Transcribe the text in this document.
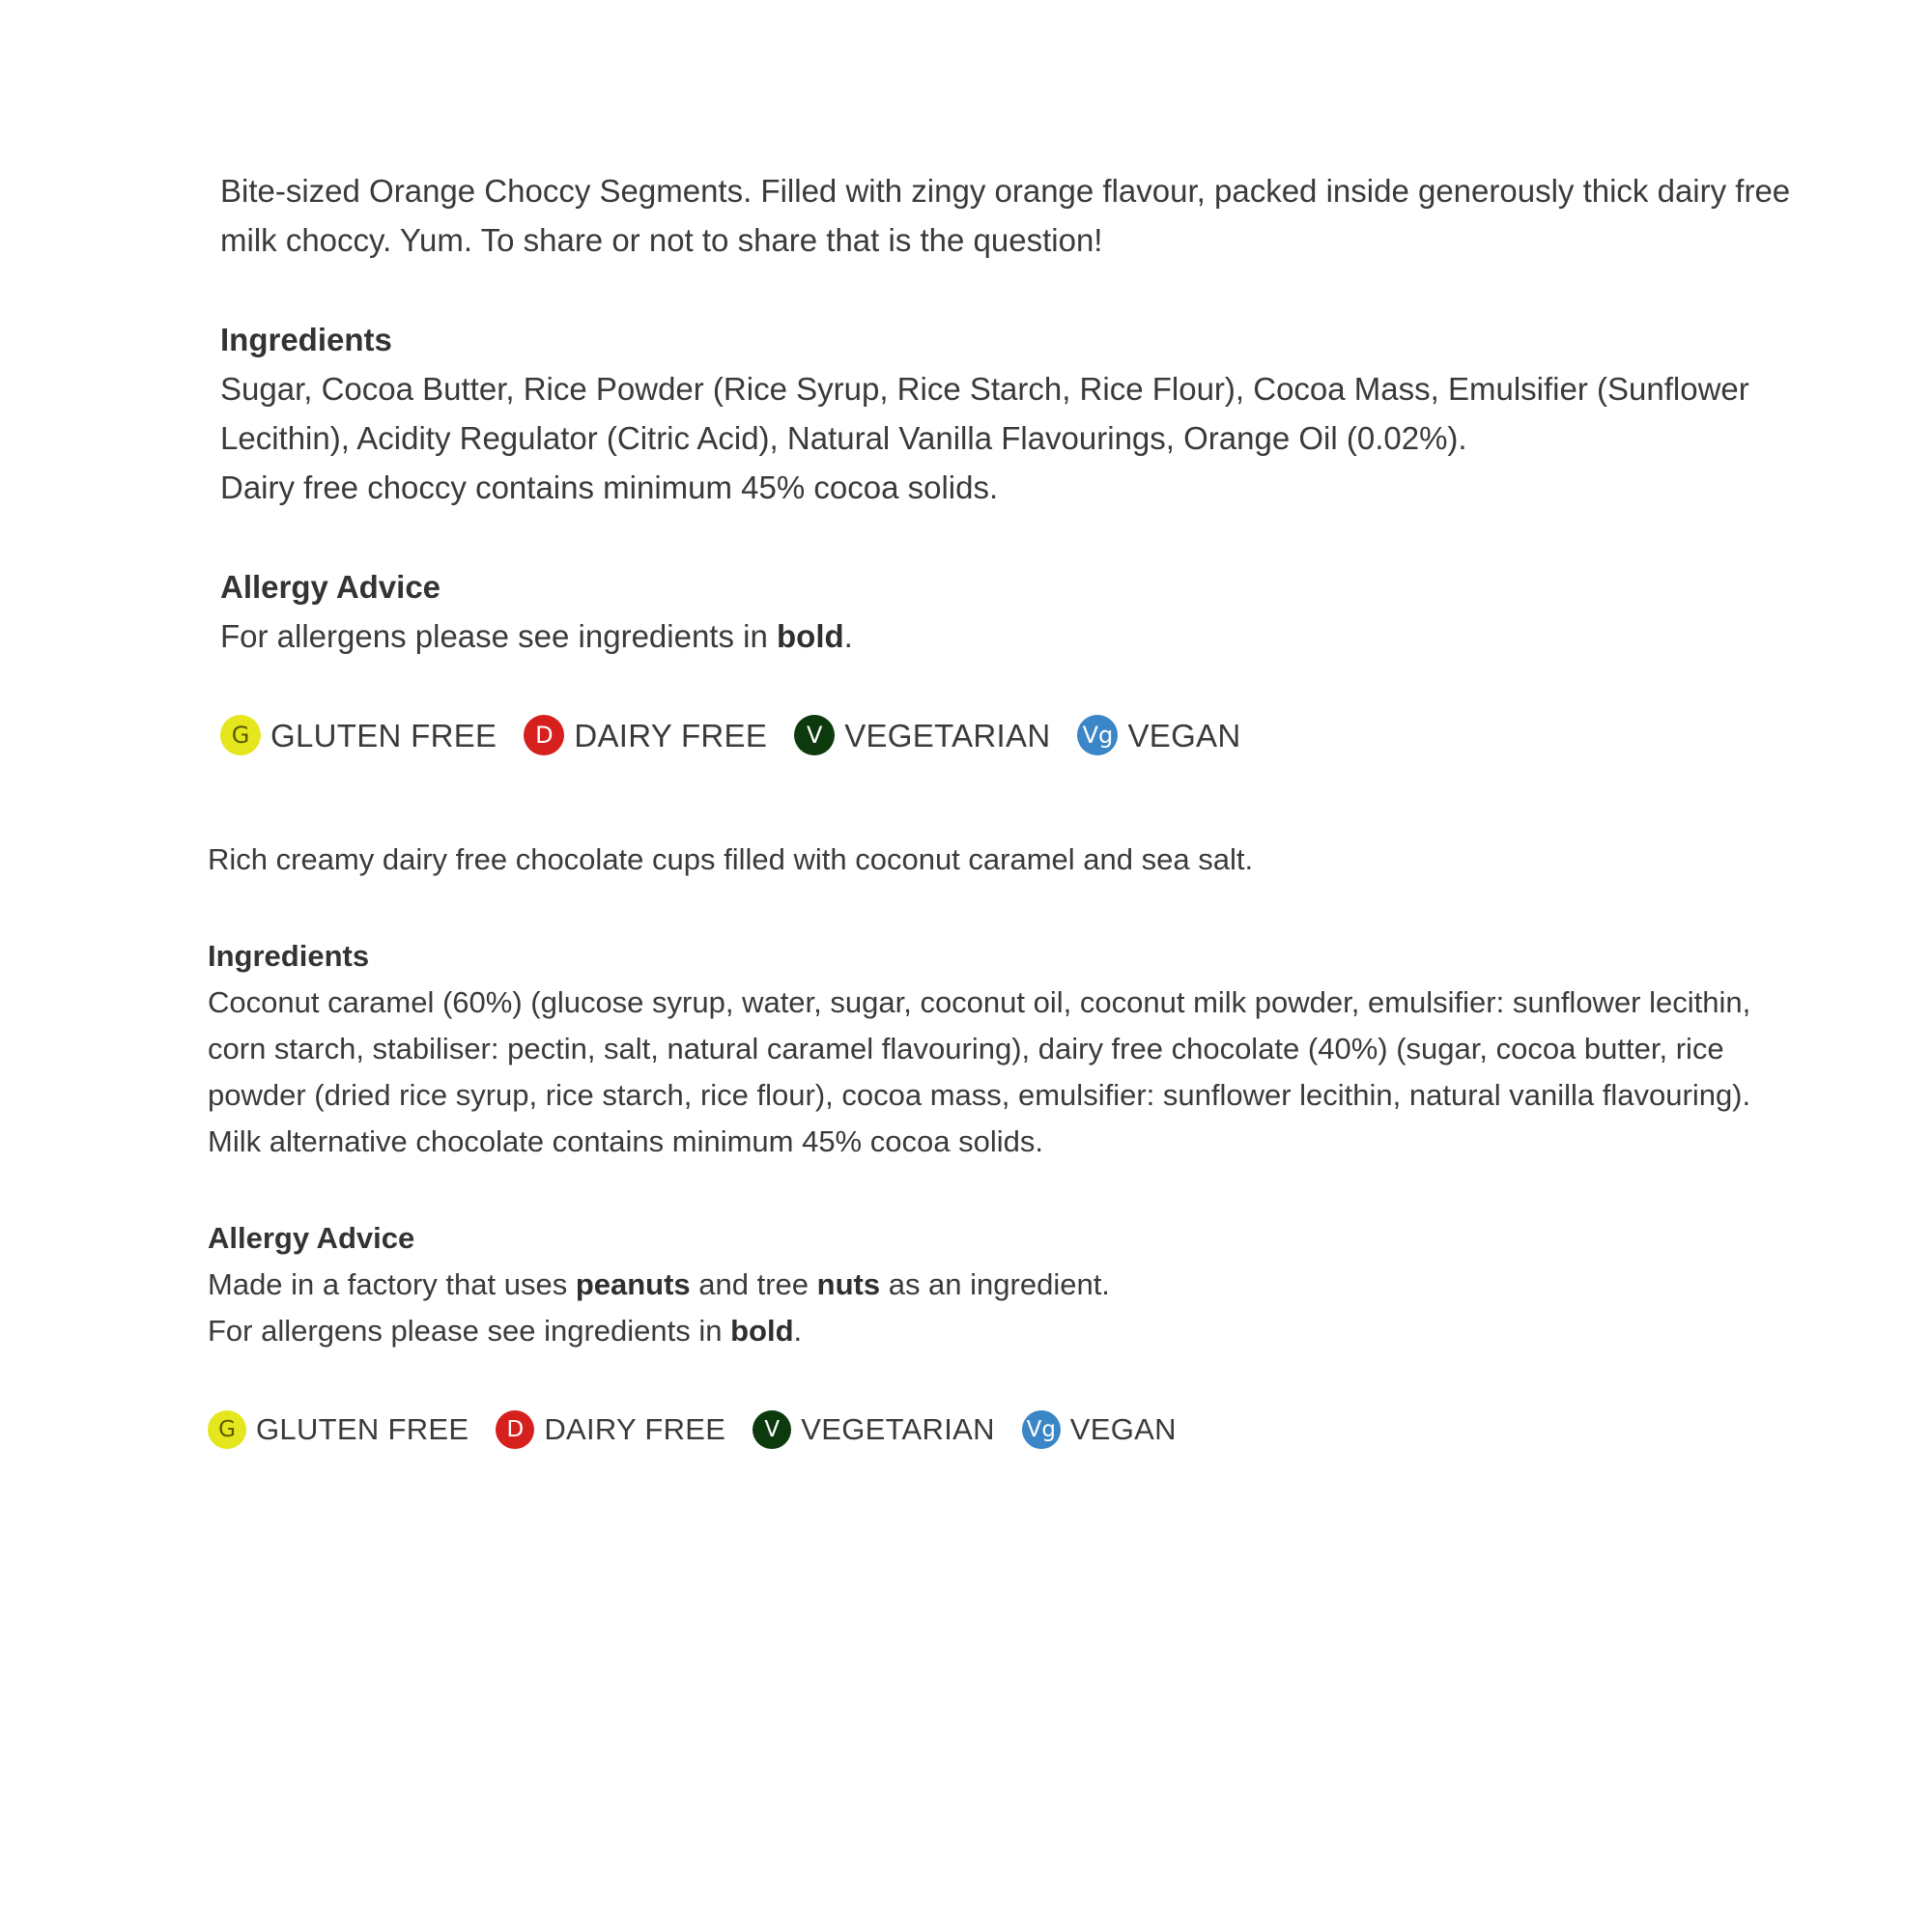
Bite-sized Orange Choccy Segments. Filled with zingy orange flavour, packed inside generously thick dairy free milk choccy. Yum. To share or not to share that is the question!

Ingredients

Sugar, Cocoa Butter, Rice Powder (Rice Syrup, Rice Starch, Rice Flour), Cocoa Mass, Emulsifier (Sunflower Lecithin), Acidity Regulator (Citric Acid), Natural Vanilla Flavourings, Orange Oil (0.02%).

Dairy free choccy contains minimum 45% cocoa solids.

Allergy Advice

For allergens please see ingredients in bold.

G GLUTEN FREE	D DAIRY FREE	V VEGETARIAN Vg VEGAN

Rich creamy dairy free chocolate cups filled with coconut caramel and sea salt.

Ingredients

Coconut caramel (60%) (glucose syrup, water, sugar, coconut oil, coconut milk powder, emulsifier: sunflower lecithin, corn starch, stabiliser: pectin, salt, natural caramel flavouring), dairy free chocolate (40%) (sugar, cocoa butter, rice powder (dried rice syrup, rice starch, rice flour), cocoa mass, emulsifier: sunflower lecithin, natural vanilla flavouring).

Milk alternative chocolate contains minimum 45% cocoa solids.

Allergy Advice

Made in a factory that uses peanuts and tree nuts as an ingredient.

For allergens please see ingredients in bold.

G GLUTEN FREE	D DAIRY FREE	V VEGETARIAN Vg VEGAN
